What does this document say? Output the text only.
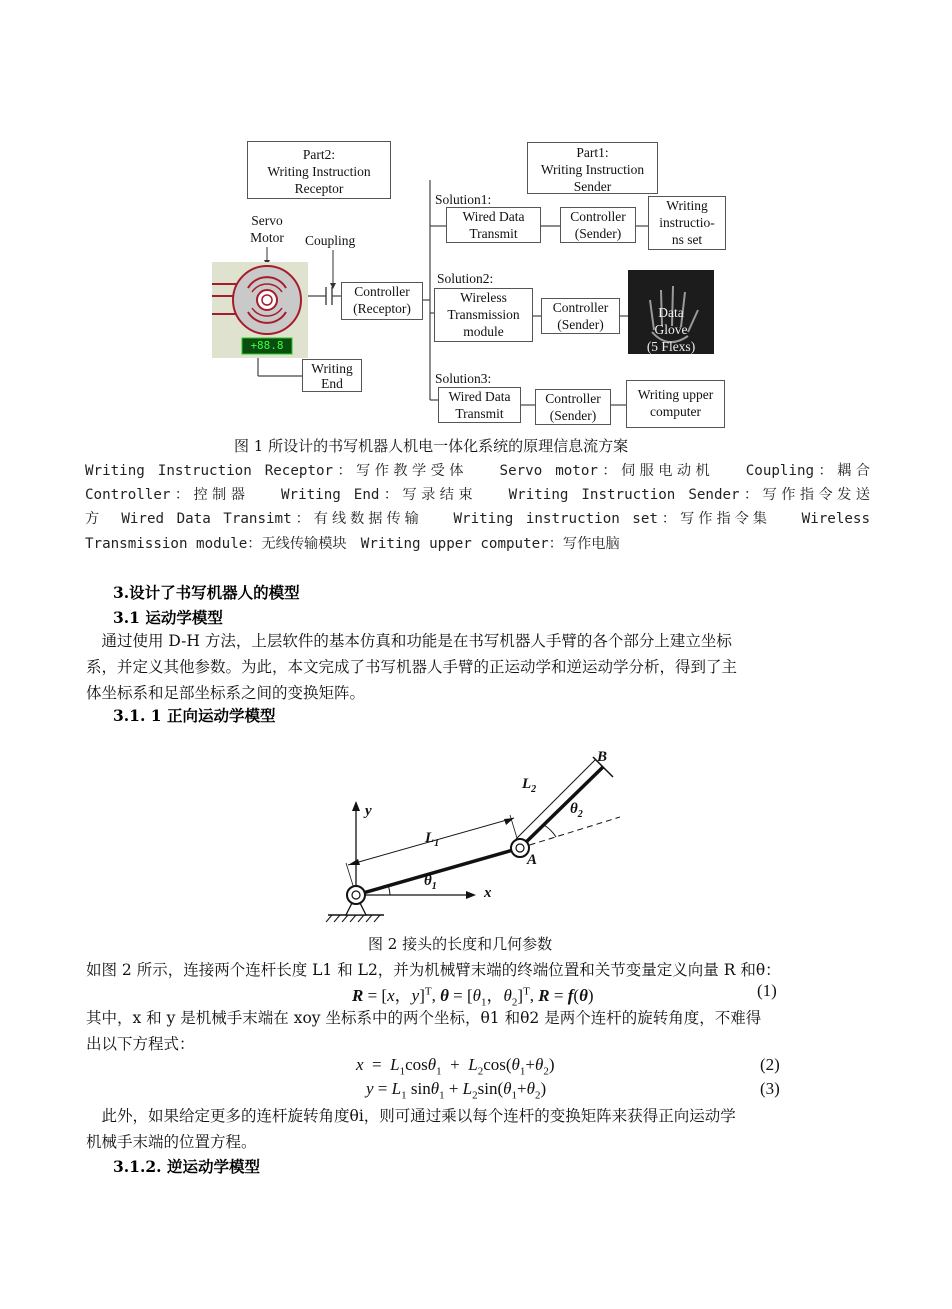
Part2:
Writing Instruction
Receptor
Part1:
Writing Instruction
Sender
Servo
Motor	Coupling
+88.8
Controller
(Receptor)
Writing
End
Solution1:
Solution2:
Solution3:
Wired Data
Transmit
Controller
(Sender)
Writing
instructio-
ns set
Wireless
Transmission
module
Controller
(Sender)
Data
Glove
(5 Flexs)
Wired Data
Transmit
Controller
(Sender)
Writing upper
computer
图 1 所设计的书写机器人机电一体化系统的原理信息流方案
Writing Instruction Receptor：写作教学受体　 Servo motor：伺服电动机　 Coupling：耦合
Controller：控制器　 Writing End：写录结束　 Writing Instruction Sender：写作指令发送
方　Wired Data Transimt：有线数据传输　 Writing instruction set：写作指令集　 Wireless
Transmission module：无线传输模块　Writing upper computer：写作电脑
3.设计了书写机器人的模型
3.1 运动学模型
　通过使用 D-H 方法，上层软件的基本仿真和功能是在书写机器人手臂的各个部分上建立坐标
系，并定义其他参数。为此，本文完成了书写机器人手臂的正运动学和逆运动学分析，得到了主
体坐标系和足部坐标系之间的变换矩阵。
3.1. 1 正向运动学模型
y
x
$L_1$
$L_2$
$\theta_1$
$\theta_2$
A
B
图 2 接头的长度和几何参数
如图 2 所示，连接两个连杆长度 L1 和 L2，并为机械臂末端的终端位置和关节变量定义向量 R 和θ：
R = [x，y]$^T$, $\theta = [\theta_1$，$\theta_2]^T$, R = f(θ)	(1)
其中，x 和 y 是机械手末端在 xoy 坐标系中的两个坐标，θ1 和θ2 是两个连杆的旋转角度，不难得
出以下方程式：
$x = L_1\cos\theta_1 + L_2\cos(\theta_1+\theta_2)$	(2)
$y = L_1$ $\sin\theta_1 + L_2\sin(\theta_1+\theta_2)$	(3)
　此外，如果给定更多的连杆旋转角度θi，则可通过乘以每个连杆的变换矩阵来获得正向运动学
机械手末端的位置方程。
3.1.2. 逆运动学模型
